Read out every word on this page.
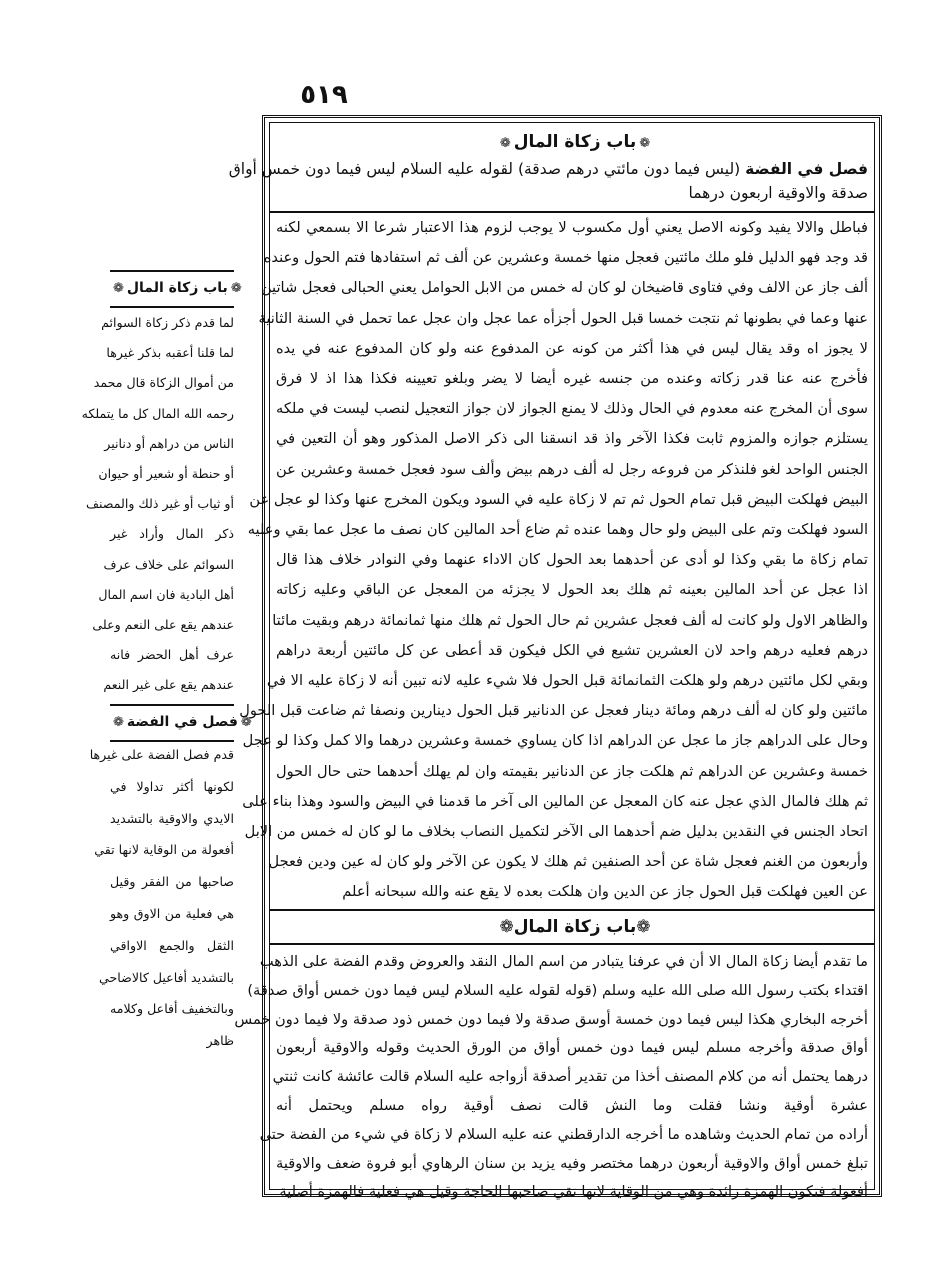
٥١٩
❁ باب زكاة المال ❁
فصل في الفضة (ليس فيما دون مائتي درهم صدقة) لقوله عليه السلام ليس فيما دون خمس أواق
صدقة والاوقية اربعون درهما
فباطل والالا يفيد وكونه الاصل يعني أول مكسوب لا يوجب لزوم هذا الاعتبار شرعا الا بسمعي لكنه
قد وجد فهو الدليل فلو ملك مائتين فعجل منها خمسة وعشرين عن ألف ثم استفادها فتم الحول وعنده
ألف جاز عن الالف وفي فتاوى قاضيخان لو كان له خمس من الابل الحوامل يعني الحبالى فعجل شاتين
عنها وعما في بطونها ثم نتجت خمسا قبل الحول أجزأه عما عجل وان عجل عما تحمل في السنة الثانية
لا يجوز اه وقد يقال ليس في هذا أكثر من كونه عن المدفوع عنه ولو كان المدفوع عنه في يده
فأخرج عنه عنا قدر زكاته وعنده من جنسه غيره أيضا لا يضر وبلغو تعيينه فكذا هذا اذ لا فرق
سوى أن المخرج عنه معدوم في الحال وذلك لا يمنع الجواز لان جواز التعجيل لنصب ليست في ملكه
يستلزم جوازه والمزوم ثابت فكذا الآخر واذ قد انسقنا الى ذكر الاصل المذكور وهو أن التعين في
الجنس الواحد لغو فلنذكر من فروعه رجل له ألف درهم بيض وألف سود فعجل خمسة وعشرين عن
البيض فهلكت البيض قبل تمام الحول ثم تم لا زكاة عليه في السود ويكون المخرج عنها وكذا لو عجل عن
السود فهلكت وتم على البيض ولو حال وهما عنده ثم ضاع أحد المالين كان نصف ما عجل عما بقي وعليه
تمام زكاة ما بقي وكذا لو أدى عن أحدهما بعد الحول كان الاداء عنهما وفي النوادر خلاف هذا قال
اذا عجل عن أحد المالين بعينه ثم هلك بعد الحول لا يجزئه من المعجل عن الباقي وعليه زكاته
والظاهر الاول ولو كانت له ألف فعجل عشرين ثم حال الحول ثم هلك منها ثمانمائة درهم وبقيت مائتا
درهم فعليه درهم واحد لان العشرين تشيع في الكل فيكون قد أعطى عن كل مائتين أربعة دراهم
وبقي لكل مائتين درهم ولو هلكت الثمانمائة قبل الحول فلا شيء عليه لانه تبين أنه لا زكاة عليه الا في
مائتين ولو كان له ألف درهم ومائة دينار فعجل عن الدنانير قبل الحول دينارين ونصفا ثم ضاعت قبل الحول
وحال على الدراهم جاز ما عجل عن الدراهم اذا كان يساوي خمسة وعشرين درهما والا كمل وكذا لو عجل
خمسة وعشرين عن الدراهم ثم هلكت جاز عن الدنانير بقيمته وان لم يهلك أحدهما حتى حال الحول
ثم هلك فالمال الذي عجل عنه كان المعجل عن المالين الى آخر ما قدمنا في البيض والسود وهذا بناء على
اتحاد الجنس في النقدين بدليل ضم أحدهما الى الآخر لتكميل النصاب بخلاف ما لو كان له خمس من الابل
وأربعون من الغنم فعجل شاة عن أحد الصنفين ثم هلك لا يكون عن الآخر ولو كان له عين ودين فعجل
عن العين فهلكت قبل الحول جاز عن الدين وان هلكت بعده لا يقع عنه والله سبحانه أعلم
❁باب زكاة المال❁
ما تقدم أيضا زكاة المال الا أن في عرفنا يتبادر من اسم المال النقد والعروض وقدم الفضة على الذهب
اقتداء بكتب رسول الله صلى الله عليه وسلم (قوله لقوله عليه السلام ليس فيما دون خمس أواق صدقة)
أخرجه البخاري هكذا ليس فيما دون خمسة أوسق صدقة ولا فيما دون خمس ذود صدقة ولا فيما دون خمس
أواق صدقة وأخرجه مسلم ليس فيما دون خمس أواق من الورق الحديث وقوله والاوقية أربعون
درهما يحتمل أنه من كلام المصنف أخذا من تقدير أصدقة أزواجه عليه السلام قالت عائشة كانت ثنتي
عشرة أوقية ونشا فقلت وما النش قالت نصف أوقية رواه مسلم ويحتمل أنه
أراده من تمام الحديث وشاهده ما أخرجه الدارقطني عنه عليه السلام لا زكاة في شيء من الفضة حتى
تبلغ خمس أواق والاوقية أربعون درهما مختصر وفيه يزيد بن سنان الرهاوي أبو فروة ضعف والاوقية
أفعولة فتكون الهمزة زائدة وهي من الوقاية لانها تقي صاحبها الحاجة وقيل هي فعلية فالهمزة أصلية
❁ باب زكاة المال ❁
لما قدم ذكر زكاة السوائم
لما قلنا أعقبه بذكر غيرها
من أموال الزكاة قال محمد
رحمه الله المال كل ما يتملكه
الناس من دراهم أو دنانير
أو حنطة أو شعير أو حيوان
أو ثياب أو غير ذلك والمصنف
ذكر المال وأراد غير
السوائم على خلاف عرف
أهل البادية فان اسم المال
عندهم يقع على النعم وعلى
عرف أهل الحضر فانه
عندهم يقع على غير النعم
❁ فصل في الفضة ❁
قدم فصل الفضة على غيرها
لكونها أكثر تداولا في
الايدي والاوقية بالتشديد
أفعولة من الوقاية لانها تقي
صاحبها من الفقر وقيل
هي فعلية من الاوق وهو
الثقل والجمع الاواقي
بالتشديد أفاعيل كالاضاحي
وبالتخفيف أفاعل وكلامه
ظاهر
